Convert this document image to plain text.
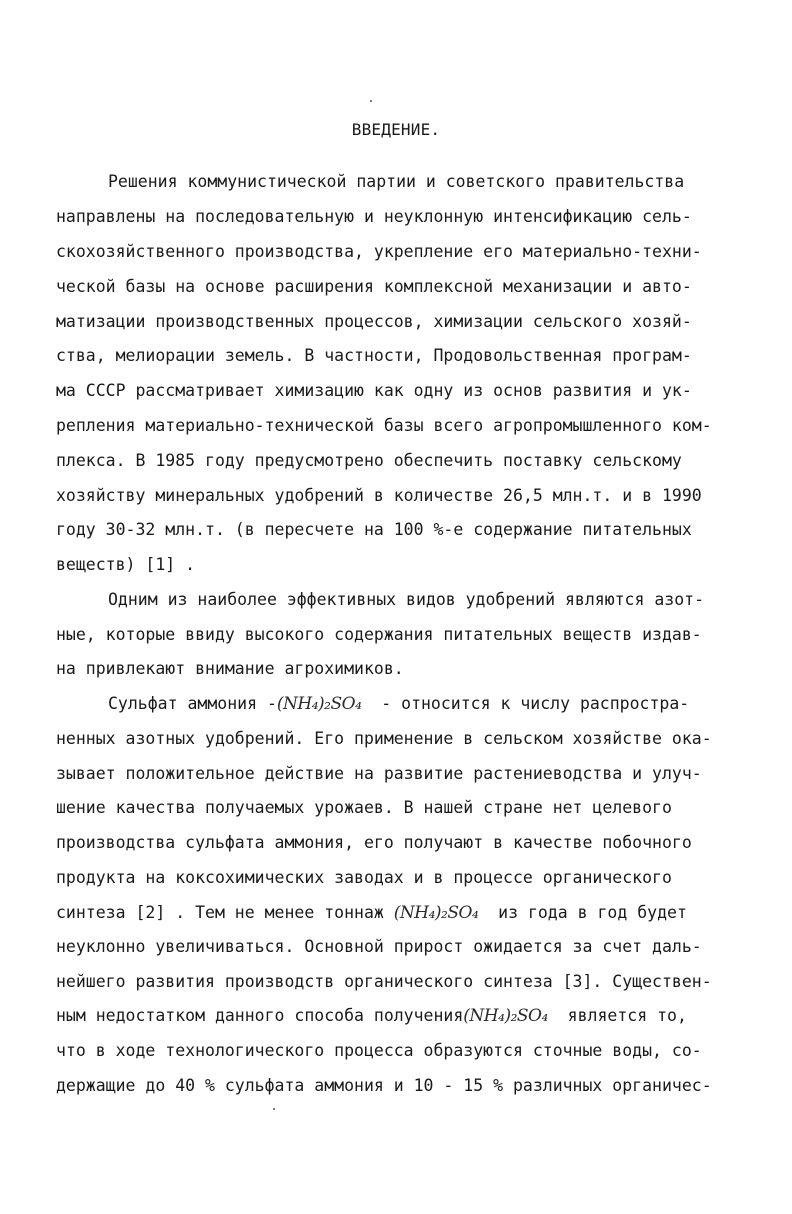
ВВЕДЕНИЕ.
Решения коммунистической партии и советского правительства
направлены на последовательную и неуклонную интенсификацию сель-
скохозяйственного производства, укрепление его материально-техни-
ческой базы на основе расширения комплексной механизации и авто-
матизации производственных процессов, химизации сельского хозяй-
ства, мелиорации земель. В частности, Продовольственная програм-
ма СССР рассматривает химизацию как одну из основ развития и ук-
репления материально-технической базы всего агропромышленного ком-
плекса. В 1985 году предусмотрено обеспечить поставку сельскому
хозяйству минеральных удобрений в количестве 26,5 млн.т. и в 1990
году 30-32 млн.т. (в пересчете на 100 %-е содержание питательных
веществ) [1] .
Одним из наиболее эффективных видов удобрений являются азот-
ные, которые ввиду высокого содержания питательных веществ издав-
на привлекают внимание агрохимиков.
Сульфат аммония -(NH₄)₂SO₄ - относится к числу распростра-
ненных азотных удобрений. Его применение в сельском хозяйстве ока-
зывает положительное действие на развитие растениеводства и улуч-
шение качества получаемых урожаев. В нашей стране нет целевого
производства сульфата аммония, его получают в качестве побочного
продукта на коксохимических заводах и в процессе органического
синтеза [2] . Тем не менее тоннаж (NH₄)₂SO₄ из года в год будет
неуклонно увеличиваться. Основной прирост ожидается за счет даль-
нейшего развития производств органического синтеза [3]. Существен-
ным недостатком данного способа получения(NH₄)₂SO₄ является то,
что в ходе технологического процесса образуются сточные воды, со-
держащие до 40 % сульфата аммония и 10 - 15 % различных органичес-
